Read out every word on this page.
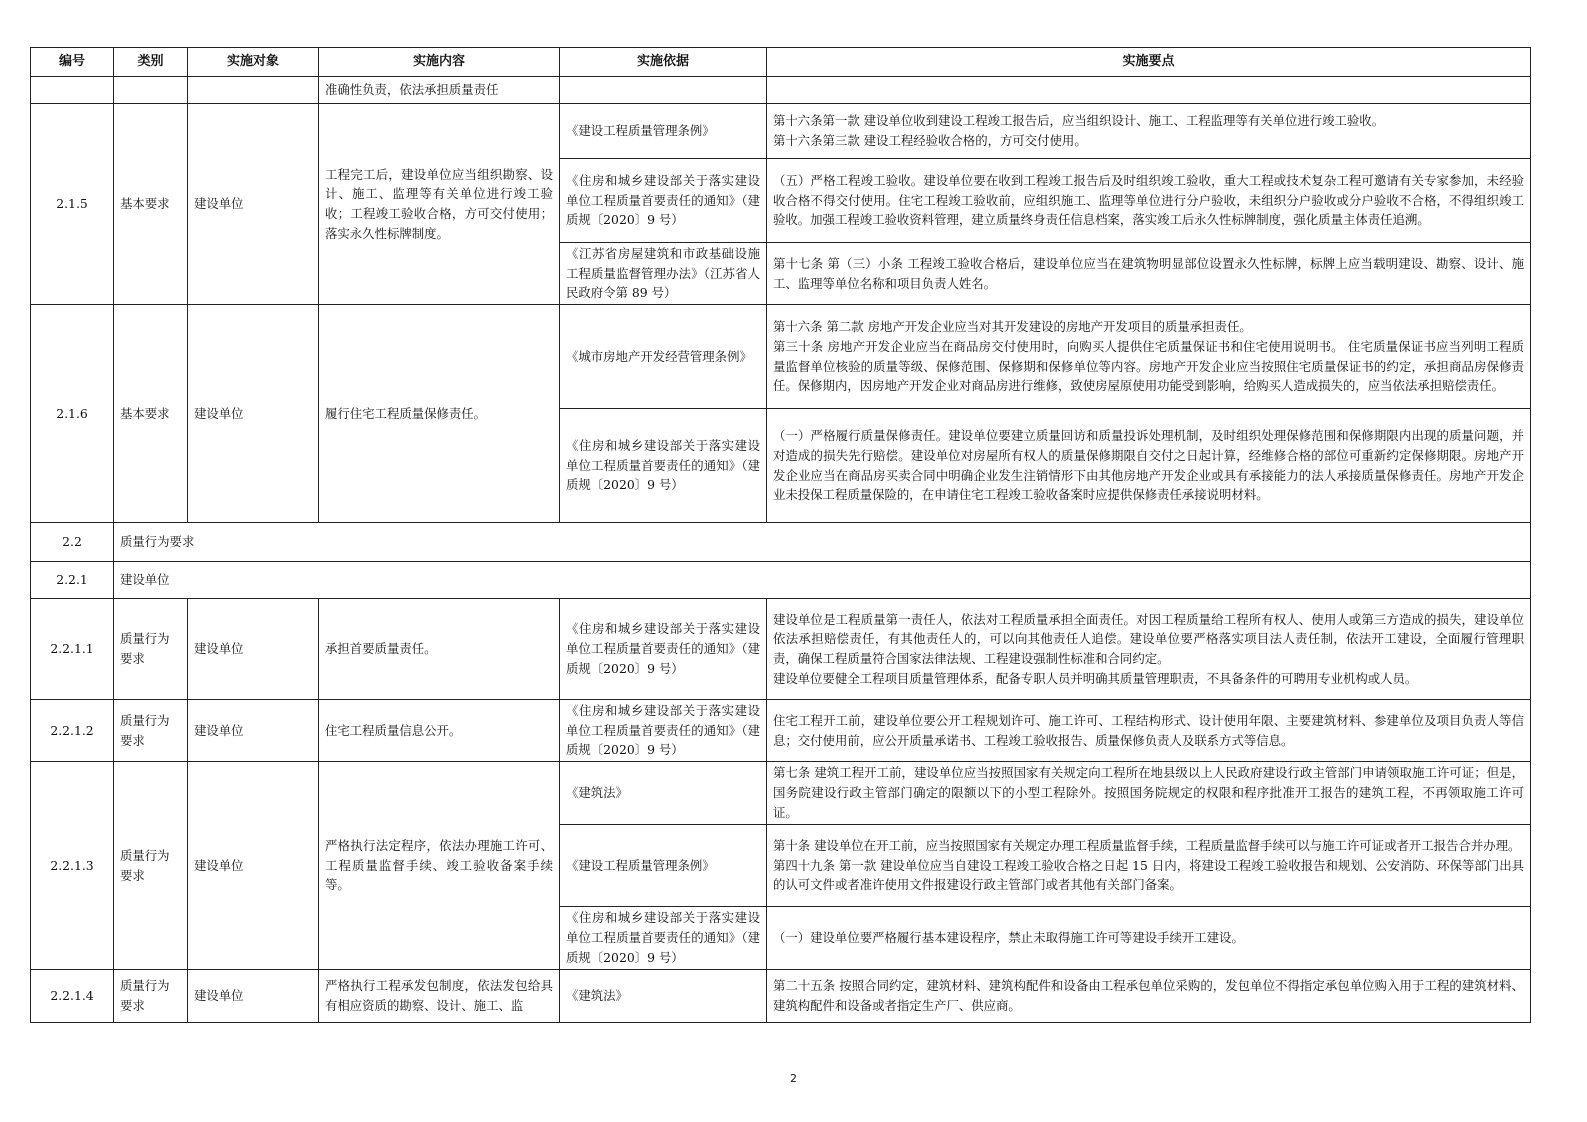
编号	类别	实施对象	实施内容	实施依据	实施要点
			准确性负责，依法承担质量责任		
2.1.5	基本要求	建设单位	工程完工后，建设单位应当组织勘察、设计、施工、监理等有关单位进行竣工验收；工程竣工验收合格，方可交付使用；落实永久性标牌制度。	《建设工程质量管理条例》	第十六条第一款 建设单位收到建设工程竣工报告后，应当组织设计、施工、工程监理等有关单位进行竣工验收。
第十六条第三款 建设工程经验收合格的，方可交付使用。

				《住房和城乡建设部关于落实建设单位工程质量首要责任的通知》（建质规〔2020〕9 号）	（五）严格工程竣工验收。建设单位要在收到工程竣工报告后及时组织竣工验收，重大工程或技术复杂工程可邀请有关专家参加，未经验收合格不得交付使用。住宅工程竣工验收前，应组织施工、监理等单位进行分户验收，未组织分户验收或分户验收不合格，不得组织竣工验收。加强工程竣工验收资料管理，建立质量终身责任信息档案，落实竣工后永久性标牌制度，强化质量主体责任追溯。
				《江苏省房屋建筑和市政基础设施工程质量监督管理办法》（江苏省人民政府令第 89 号）	第十七条 第（三）小条 工程竣工验收合格后，建设单位应当在建筑物明显部位设置永久性标牌，标牌上应当载明建设、勘察、设计、施工、监理等单位名称和项目负责人姓名。
2.1.6	基本要求	建设单位	履行住宅工程质量保修责任。	《城市房地产开发经营管理条例》	第十六条 第二款 房地产开发企业应当对其开发建设的房地产开发项目的质量承担责任。
第三十条 房地产开发企业应当在商品房交付使用时，向购买人提供住宅质量保证书和住宅使用说明书。 住宅质量保证书应当列明工程质量监督单位核验的质量等级、保修范围、保修期和保修单位等内容。房地产开发企业应当按照住宅质量保证书的约定，承担商品房保修责任。保修期内，因房地产开发企业对商品房进行维修，致使房屋原使用功能受到影响，给购买人造成损失的，应当依法承担赔偿责任。

				《住房和城乡建设部关于落实建设单位工程质量首要责任的通知》（建质规〔2020〕9 号）	（一）严格履行质量保修责任。建设单位要建立质量回访和质量投诉处理机制，及时组织处理保修范围和保修期限内出现的质量问题，并对造成的损失先行赔偿。建设单位对房屋所有权人的质量保修期限自交付之日起计算，经维修合格的部位可重新约定保修期限。房地产开发企业应当在商品房买卖合同中明确企业发生注销情形下由其他房地产开发企业或具有承接能力的法人承接质量保修责任。房地产开发企业未投保工程质量保险的，在申请住宅工程竣工验收备案时应提供保修责任承接说明材料。
2.2	质量行为要求				
2.2.1	建设单位				
2.2.1.1	质量行为要求	建设单位	承担首要质量责任。	《住房和城乡建设部关于落实建设单位工程质量首要责任的通知》（建质规〔2020〕9 号）	建设单位是工程质量第一责任人，依法对工程质量承担全面责任。对因工程质量给工程所有权人、使用人或第三方造成的损失，建设单位依法承担赔偿责任，有其他责任人的，可以向其他责任人追偿。建设单位要严格落实项目法人责任制，依法开工建设，全面履行管理职责，确保工程质量符合国家法律法规、工程建设强制性标准和合同约定。
建设单位要健全工程项目质量管理体系，配备专职人员并明确其质量管理职责，不具备条件的可聘用专业机构或人员。

2.2.1.2	质量行为要求	建设单位	住宅工程质量信息公开。	《住房和城乡建设部关于落实建设单位工程质量首要责任的通知》（建质规〔2020〕9 号）	住宅工程开工前，建设单位要公开工程规划许可、施工许可、工程结构形式、设计使用年限、主要建筑材料、参建单位及项目负责人等信息；交付使用前，应公开质量承诺书、工程竣工验收报告、质量保修负责人及联系方式等信息。
2.2.1.3	质量行为要求	建设单位	严格执行法定程序，依法办理施工许可、工程质量监督手续、竣工验收备案手续等。	《建筑法》	第七条 建筑工程开工前，建设单位应当按照国家有关规定向工程所在地县级以上人民政府建设行政主管部门申请领取施工许可证；但是，国务院建设行政主管部门确定的限额以下的小型工程除外。按照国务院规定的权限和程序批准开工报告的建筑工程，不再领取施工许可证。
				《建设工程质量管理条例》	第十条 建设单位在开工前，应当按照国家有关规定办理工程质量监督手续，工程质量监督手续可以与施工许可证或者开工报告合并办理。
第四十九条 第一款 建设单位应当自建设工程竣工验收合格之日起 15 日内，将建设工程竣工验收报告和规划、公安消防、环保等部门出具的认可文件或者准许使用文件报建设行政主管部门或者其他有关部门备案。

				《住房和城乡建设部关于落实建设单位工程质量首要责任的通知》（建质规〔2020〕9 号）	（一）建设单位要严格履行基本建设程序，禁止未取得施工许可等建设手续开工建设。
2.2.1.4	质量行为要求	建设单位	严格执行工程承发包制度，依法发包给具有相应资质的勘察、设计、施工、监	《建筑法》	第二十五条 按照合同约定，建筑材料、建筑构配件和设备由工程承包单位采购的，发包单位不得指定承包单位购入用于工程的建筑材料、建筑构配件和设备或者指定生产厂、供应商。
2
